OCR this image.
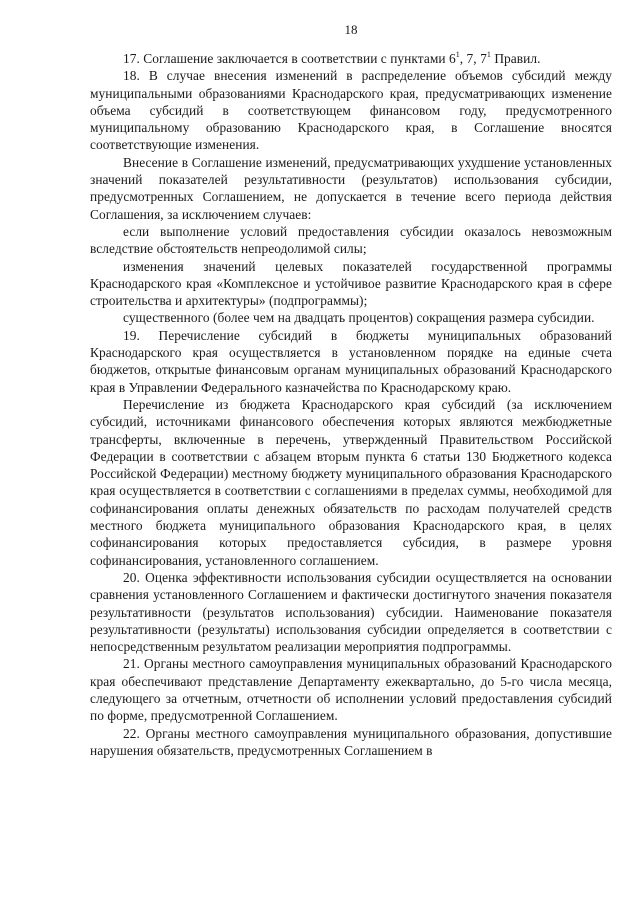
18

17. Соглашение заключается в соответствии с пунктами $6^1$, 7, $7^1$ Правил.

18. В случае внесения изменений в распределение объемов субсидий между муниципальными образованиями Краснодарского края, предусматривающих изменение объема субсидий в соответствующем финансовом году, предусмотренного муниципальному образованию Краснодарского края, в Соглашение вносятся соответствующие изменения.

Внесение в Соглашение изменений, предусматривающих ухудшение установленных значений показателей результативности (результатов) использования субсидии, предусмотренных Соглашением, не допускается в течение всего периода действия Соглашения, за исключением случаев:

если выполнение условий предоставления субсидии оказалось невозможным вследствие обстоятельств непреодолимой силы;

изменения значений целевых показателей государственной программы Краснодарского края «Комплексное и устойчивое развитие Краснодарского края в сфере строительства и архитектуры» (подпрограммы);

существенного (более чем на двадцать процентов) сокращения размера субсидии.

19. Перечисление субсидий в бюджеты муниципальных образований Краснодарского края осуществляется в установленном порядке на единые счета бюджетов, открытые финансовым органам муниципальных образований Краснодарского края в Управлении Федерального казначейства по Краснодарскому краю.

Перечисление из бюджета Краснодарского края субсидий (за исключением субсидий, источниками финансового обеспечения которых являются межбюджетные трансферты, включенные в перечень, утвержденный Правительством Российской Федерации в соответствии с абзацем вторым пункта 6 статьи 130 Бюджетного кодекса Российской Федерации) местному бюджету муниципального образования Краснодарского края осуществляется в соответствии с соглашениями в пределах суммы, необходимой для софинансирования оплаты денежных обязательств по расходам получателей средств местного бюджета муниципального образования Краснодарского края, в целях софинансирования которых предоставляется субсидия, в размере уровня софинансирования, установленного соглашением.

20. Оценка эффективности использования субсидии осуществляется на основании сравнения установленного Соглашением и фактически достигнутого значения показателя результативности (результатов использования) субсидии. Наименование показателя результативности (результаты) использования субсидии определяется в соответствии с непосредственным результатом реализации мероприятия подпрограммы.

21. Органы местного самоуправления муниципальных образований Краснодарского края обеспечивают представление Департаменту ежеквартально, до 5-го числа месяца, следующего за отчетным, отчетности об исполнении условий предоставления субсидий по форме, предусмотренной Соглашением.

22. Органы местного самоуправления муниципального образования, допустившие нарушения обязательств, предусмотренных Соглашением в
